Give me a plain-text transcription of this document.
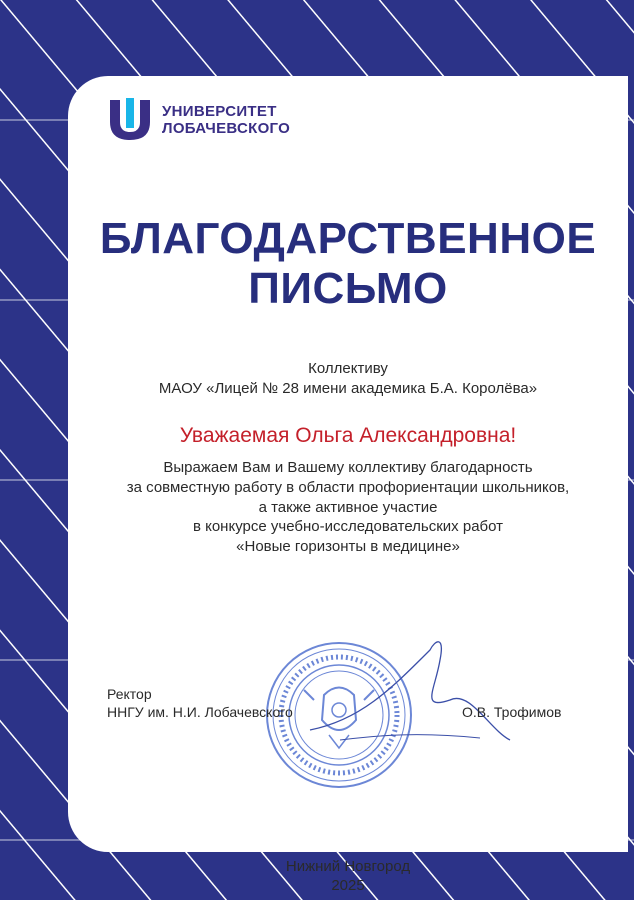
УНИВЕРСИТЕТ
ЛОБАЧЕВСКОГО
БЛАГОДАРСТВЕННОЕ
ПИСЬМО
Коллективу
МАОУ «Лицей № 28 имени академика Б.А. Королёва»
Уважаемая Ольга Александровна!
Выражаем Вам и Вашему коллективу благодарность
за совместную работу в области профориентации школьников,
а также активное участие
в конкурсе учебно-исследовательских работ
«Новые горизонты в медицине»
Ректор
ННГУ им. Н.И. Лобачевского	О.В. Трофимов
Нижний Новгород
2025
